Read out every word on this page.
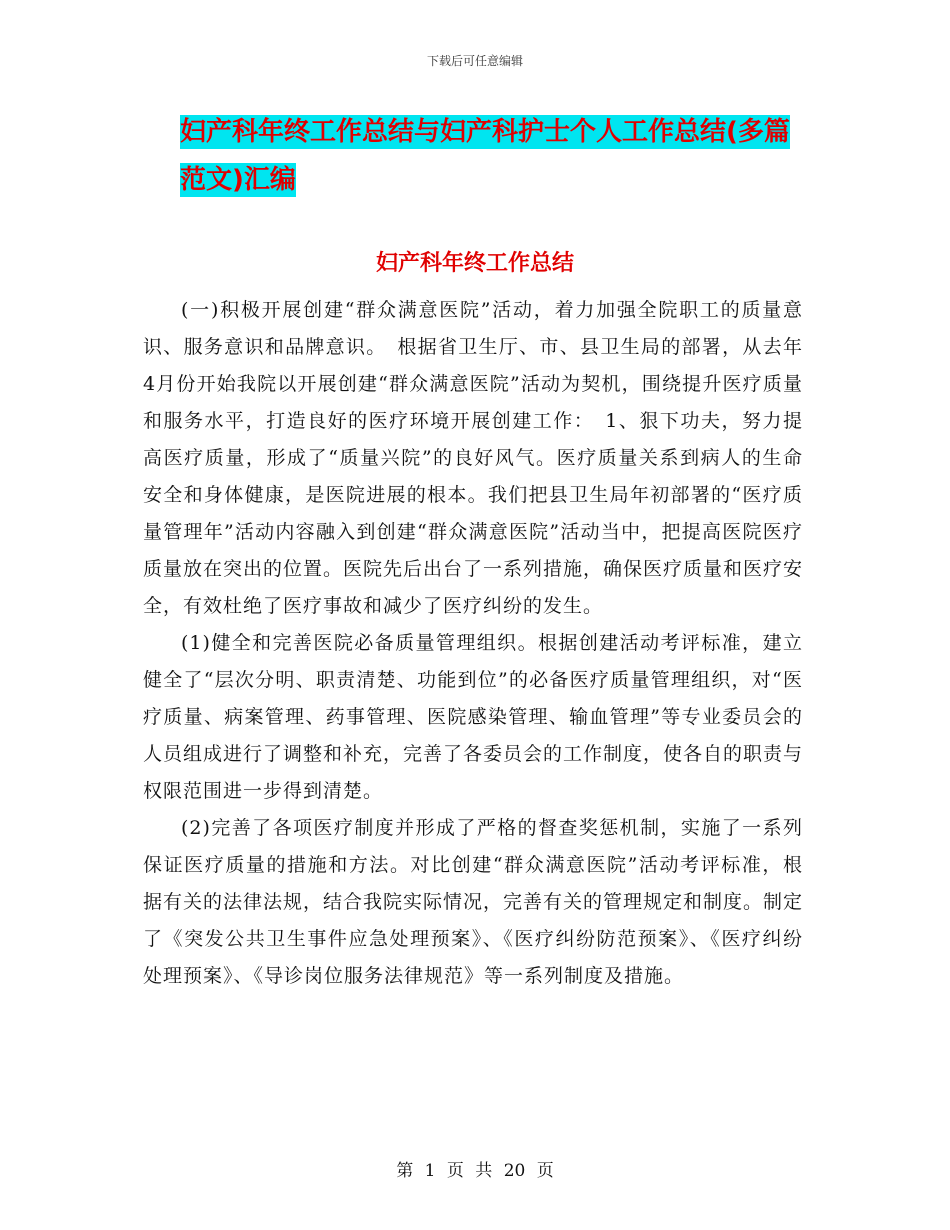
下载后可任意编辑
妇产科年终工作总结与妇产科护士个人工作总结(多篇
范文)汇编
妇产科年终工作总结

(一)积极开展创建“群众满意医院”活动，着力加强全院职工的质量意识、服务意识和品牌意识。　根据省卫生厅、市、县卫生局的部署，从去年4月份开始我院以开展创建“群众满意医院”活动为契机，围绕提升医疗质量和服务水平，打造良好的医疗环境开展创建工作：　1、狠下功夫，努力提高医疗质量，形成了“质量兴院”的良好风气。医疗质量关系到病人的生命安全和身体健康，是医院进展的根本。我们把县卫生局年初部署的“医疗质量管理年”活动内容融入到创建“群众满意医院”活动当中，把提高医院医疗质量放在突出的位置。医院先后出台了一系列措施，确保医疗质量和医疗安全，有效杜绝了医疗事故和减少了医疗纠纷的发生。

(1)健全和完善医院必备质量管理组织。根据创建活动考评标准，建立健全了“层次分明、职责清楚、功能到位”的必备医疗质量管理组织，对“医疗质量、病案管理、药事管理、医院感染管理、输血管理”等专业委员会的人员组成进行了调整和补充，完善了各委员会的工作制度，使各自的职责与权限范围进一步得到清楚。

(2)完善了各项医疗制度并形成了严格的督查奖惩机制，实施了一系列保证医疗质量的措施和方法。对比创建“群众满意医院”活动考评标准，根据有关的法律法规，结合我院实际情况，完善有关的管理规定和制度。制定了《突发公共卫生事件应急处理预案》、《医疗纠纷防范预案》、《医疗纠纷处理预案》、《导诊岗位服务法律规范》等一系列制度及措施。

第 1 页 共 20 页
